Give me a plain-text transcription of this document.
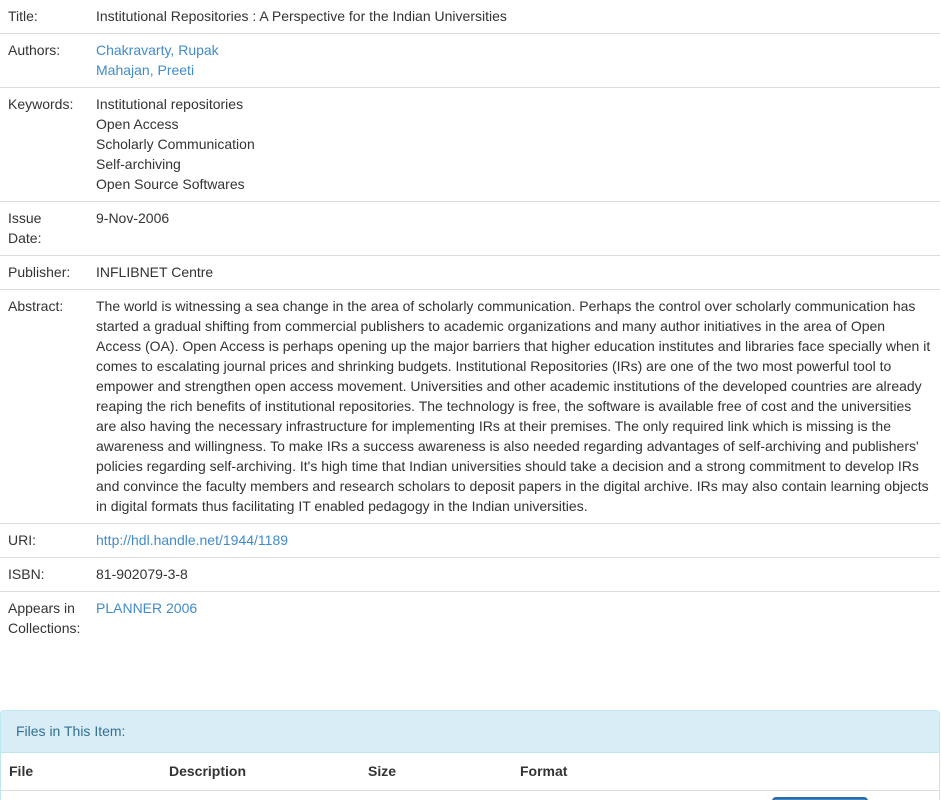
Title:	Institutional Repositories : A Perspective for the Indian Universities
Authors:	Chakravarty, Rupak
Mahajan, Preeti

Keywords:	Institutional repositories
Open Access
Scholarly Communication
Self-archiving
Open Source Softwares

Issue
Date:	9-Nov-2006
Publisher:	INFLIBNET Centre
Abstract:	The world is witnessing a sea change in the area of scholarly communication. Perhaps the control over scholarly communication has started a gradual shifting from commercial publishers to academic organizations and many author initiatives in the area of Open Access (OA). Open Access is perhaps opening up the major barriers that higher education institutes and libraries face specially when it comes to escalating journal prices and shrinking budgets. Institutional Repositories (IRs) are one of the two most powerful tool to empower and strengthen open access movement. Universities and other academic institutions of the developed countries are already reaping the rich benefits of institutional repositories. The technology is free, the software is available free of cost and the universities are also having the necessary infrastructure for implementing IRs at their premises. The only required link which is missing is the awareness and willingness. To make IRs a success awareness is also needed regarding advantages of self-archiving and publishers' policies regarding self-archiving. It's high time that Indian universities should take a decision and a strong commitment to develop IRs and convince the faculty members and research scholars to deposit papers in the digital archive. IRs may also contain learning objects in digital formats thus facilitating IT enabled pedagogy in the Indian universities.
URI:	http://hdl.handle.net/1944/1189
ISBN:	81-902079-3-8

Appears in
Collections:	PLANNER 2006
Files in This Item:
File	Description	Size	Format
